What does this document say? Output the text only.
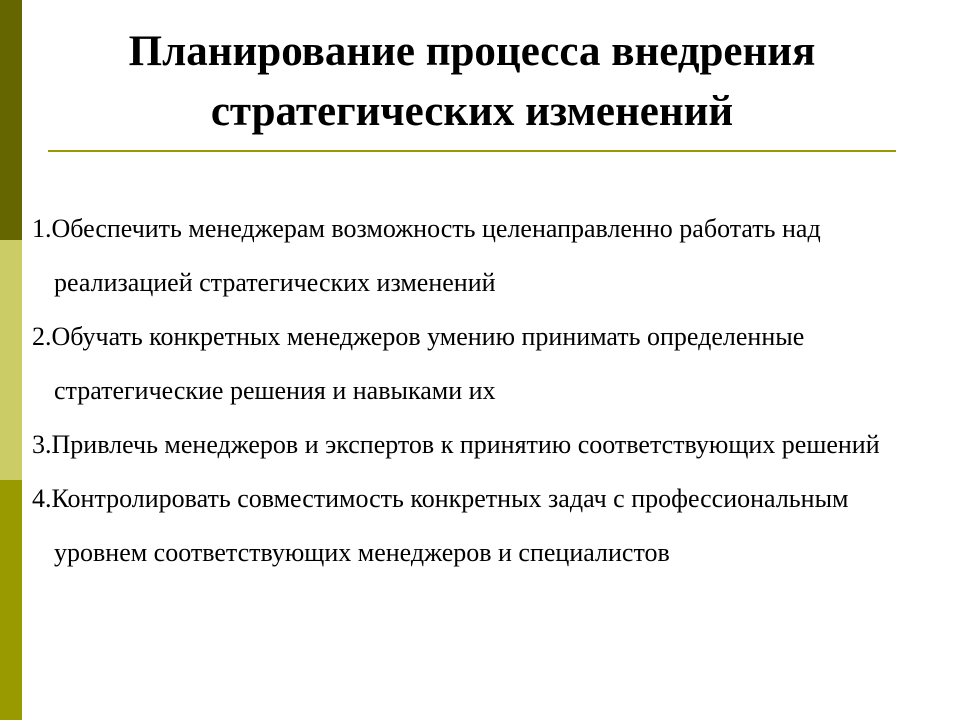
Планирование процесса внедрения
стратегических изменений
1.Обеспечить менеджерам возможность целенаправленно работать над реализацией стратегических изменений
2.Обучать конкретных менеджеров умению принимать определенные стратегические решения и навыками их
3.Привлечь менеджеров и экспертов к принятию соответствующих решений
4.Контролировать совместимость конкретных задач с профессиональным уровнем соответствующих менеджеров и специалистов
